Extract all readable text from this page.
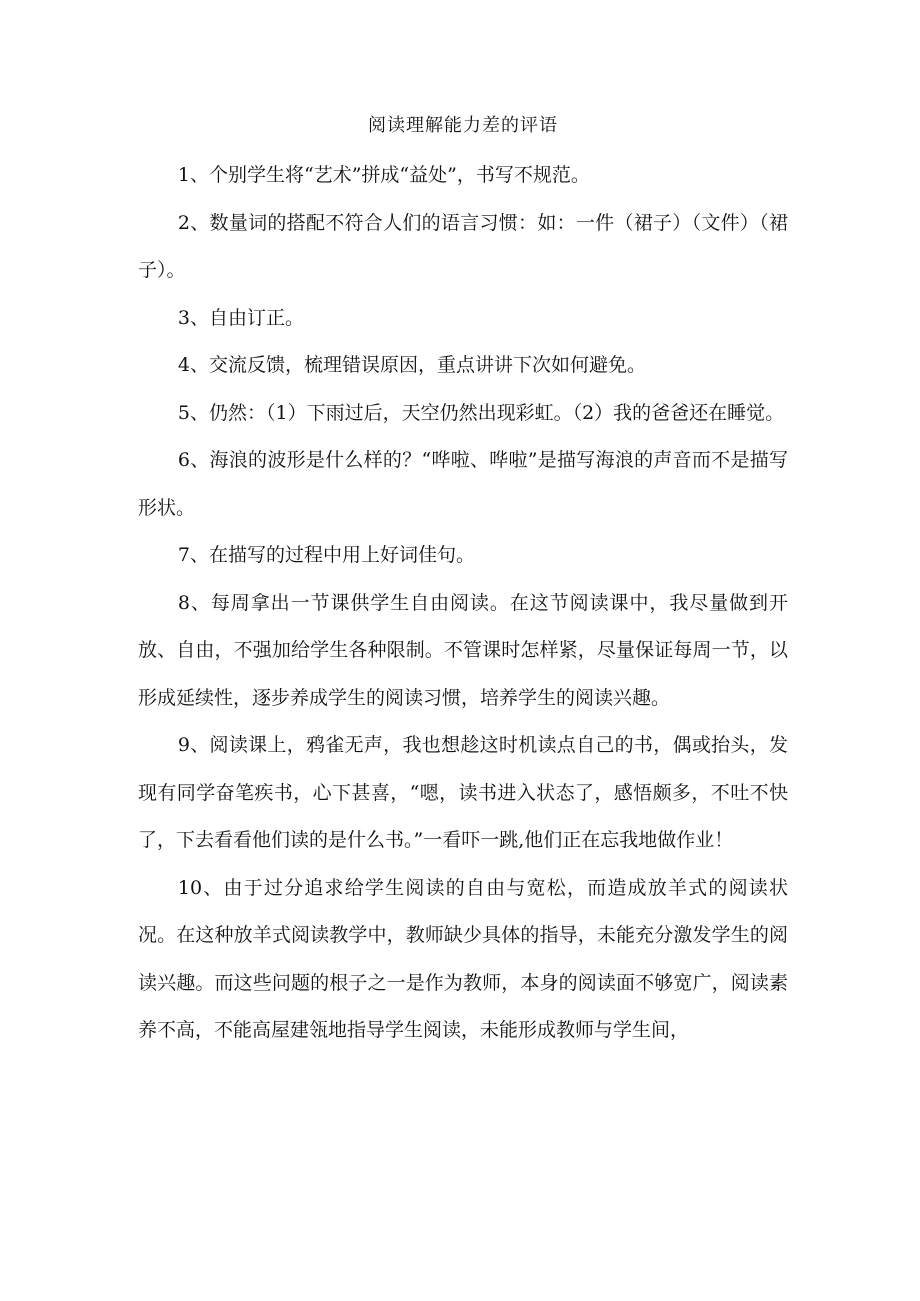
阅读理解能力差的评语

1、个别学生将“艺术”拼成“益处”，书写不规范。

2、数量词的搭配不符合人们的语言习惯：如：一件（裙子）（文件）（裙子）。

3、自由订正。

4、交流反馈，梳理错误原因，重点讲讲下次如何避免。

5、仍然：（1）下雨过后，天空仍然出现彩虹。（2）我的爸爸还在睡觉。

6、海浪的波形是什么样的？“哗啦、哗啦”是描写海浪的声音而不是描写形状。

7、在描写的过程中用上好词佳句。

8、每周拿出一节课供学生自由阅读。在这节阅读课中，我尽量做到开放、自由，不强加给学生各种限制。不管课时怎样紧，尽量保证每周一节，以形成延续性，逐步养成学生的阅读习惯，培养学生的阅读兴趣。

9、阅读课上，鸦雀无声，我也想趁这时机读点自己的书，偶或抬头，发现有同学奋笔疾书，心下甚喜，“嗯，读书进入状态了，感悟颇多，不吐不快了，下去看看他们读的是什么书。”一看吓一跳,他们正在忘我地做作业！

10、由于过分追求给学生阅读的自由与宽松，而造成放羊式的阅读状况。在这种放羊式阅读教学中，教师缺少具体的指导，未能充分激发学生的阅读兴趣。而这些问题的根子之一是作为教师，本身的阅读面不够宽广，阅读素养不高，不能高屋建瓴地指导学生阅读，未能形成教师与学生间，
